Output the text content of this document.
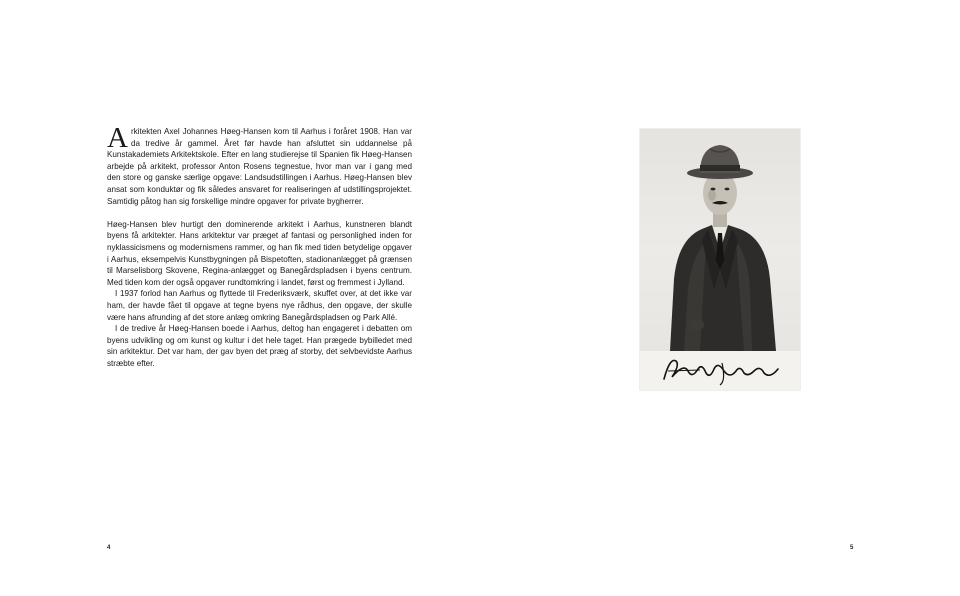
Arkitekten Axel Johannes Høeg-Hansen kom til Aarhus i foråret 1908. Han var da tredive år gammel. Året før havde han afsluttet sin uddannelse på Kunstakademiets Arkitektskole. Efter en lang studierejse til Spanien fik Høeg-Hansen arbejde på arkitekt, professor Anton Rosens tegnestue, hvor man var i gang med den store og ganske særlige opgave: Landsudstillingen i Aarhus. Høeg-Hansen blev ansat som konduktør og fik således ansvaret for realiseringen af udstillingsprojektet. Samtidig påtog han sig forskellige mindre opgaver for private bygherrer.

Høeg-Hansen blev hurtigt den dominerende arkitekt i Aarhus, kunstneren blandt byens få arkitekter. Hans arkitektur var præget af fantasi og personlighed inden for nyklassicismens og modernismens rammer, og han fik med tiden betydelige opgaver i Aarhus, eksempelvis Kunstbygningen på Bispetoften, stadionanlægget på grænsen til Marselisborg Skovene, Regina-anlægget og Banegårdspladsen i byens centrum. Med tiden kom der også opgaver rundtomkring i landet, først og fremmest i Jylland.

I 1937 forlod han Aarhus og flyttede til Frederiksværk, skuffet over, at det ikke var ham, der havde fået til opgave at tegne byens nye rådhus, den opgave, der skulle være hans afrunding af det store anlæg omkring Banegårdspladsen og Park Allé.

I de tredive år Høeg-Hansen boede i Aarhus, deltog han engageret i debatten om byens udvikling og om kunst og kultur i det hele taget. Han prægede bybilledet med sin arkitektur. Det var ham, der gav byen det præg af storby, det selvbevidste Aarhus stræbte efter.

4	5
